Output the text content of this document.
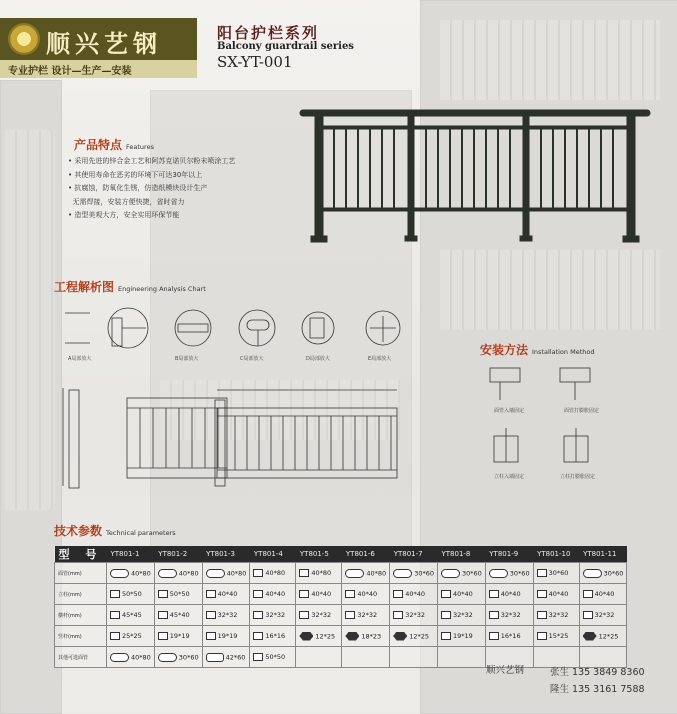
顺兴艺钢
专业护栏 设计—生产—安装
阳台护栏系列
Balcony guardrail series
SX-YT-001
产品特点 Features
• 采用先进的锌合金工艺和阿苏克诺贝尔粉末喷涂工艺
• 其使用寿命在恶劣的环境下可达30年以上
• 抗腐蚀，防氧化生锈，仿造纸模块设计生产
无需焊接，安装方便快捷，省时省力
• 造型美观大方，安全实用环保节能
工程解析图 Engineering Analysis Chart
A局部放大	B局部放大	C局部放大	D局部放大	E局部放大
安装方法 Installation Method
面管入墙固定	面管打膨胀固定
立柱入墙固定	立柱打膨胀固定
技术参数 Technical parameters
型 号	YT801-1	YT801-2	YT801-3	YT801-4	YT801-5	YT801-6	YT801-7	YT801-8	YT801-9	YT801-10	YT801-11
面管(mm)	40*80	40*80	40*80	40*80	40*80	40*80	30*60	30*60	30*60	30*60	30*60
立柱(mm)	50*50	50*50	40*40	40*40	40*40	40*40	40*40	40*40	40*40	40*40	40*40
横杆(mm)	45*45	45*40	32*32	32*32	32*32	32*32	32*32	32*32	32*32	32*32	32*32
竖杆(mm)	25*25	19*19	19*19	16*16	12*25	18*23	12*25	19*19	16*16	15*25	12*25
其他可选面管	40*80	30*60	42*60	50*50							
顺兴艺钢	张生 135 3849 8360
隆生 135 3161 7588
